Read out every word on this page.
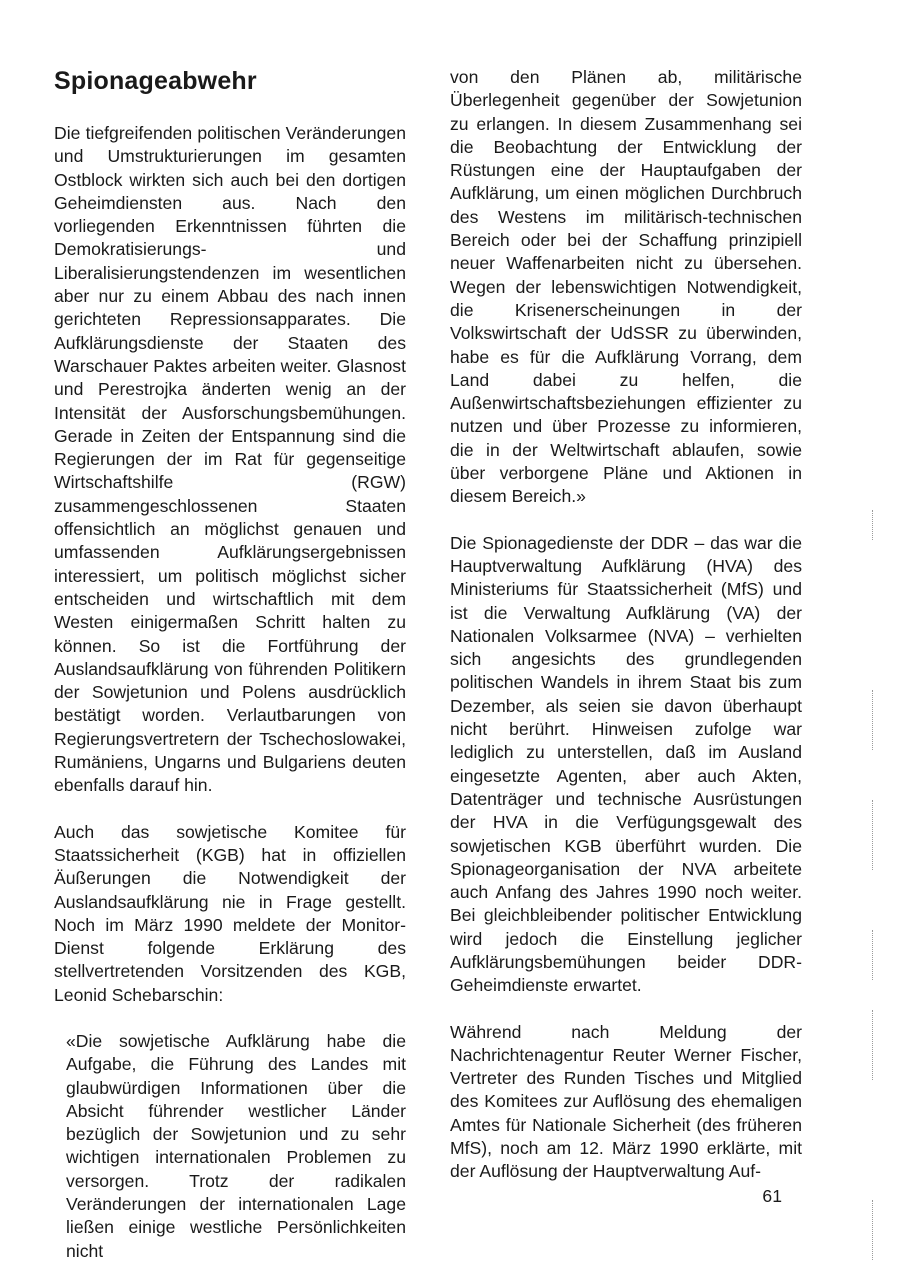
Spionageabwehr

Die tiefgreifenden politischen Veränderungen und Umstrukturierungen im gesamten Ostblock wirkten sich auch bei den dortigen Geheimdiensten aus. Nach den vorliegenden Erkenntnissen führten die Demokratisierungs- und Liberalisierungstendenzen im wesentlichen aber nur zu einem Abbau des nach innen gerichteten Repressionsapparates. Die Aufklärungsdienste der Staaten des Warschauer Paktes arbeiten weiter. Glasnost und Perestrojka änderten wenig an der Intensität der Ausforschungsbemühungen. Gerade in Zeiten der Entspannung sind die Regierungen der im Rat für gegenseitige Wirtschaftshilfe (RGW) zusammengeschlossenen Staaten offensichtlich an möglichst genauen und umfassenden Aufklärungsergebnissen interessiert, um politisch möglichst sicher entscheiden und wirtschaftlich mit dem Westen einigermaßen Schritt halten zu können. So ist die Fortführung der Auslandsaufklärung von führenden Politikern der Sowjetunion und Polens ausdrücklich bestätigt worden. Verlautbarungen von Regierungsvertretern der Tschechoslowakei, Rumäniens, Ungarns und Bulgariens deuten ebenfalls darauf hin.

Auch das sowjetische Komitee für Staatssicherheit (KGB) hat in offiziellen Äußerungen die Notwendigkeit der Auslandsaufklärung nie in Frage gestellt. Noch im März 1990 meldete der Monitor-Dienst folgende Erklärung des stellvertretenden Vorsitzenden des KGB, Leonid Schebarschin:

«Die sowjetische Aufklärung habe die Aufgabe, die Führung des Landes mit glaubwürdigen Informationen über die Absicht führender westlicher Länder bezüglich der Sowjetunion und zu sehr wichtigen internationalen Problemen zu versorgen. Trotz der radikalen Veränderungen der internationalen Lage ließen einige westliche Persönlichkeiten nicht

von den Plänen ab, militärische Überlegenheit gegenüber der Sowjetunion zu erlangen. In diesem Zusammenhang sei die Beobachtung der Entwicklung der Rüstungen eine der Hauptaufgaben der Aufklärung, um einen möglichen Durchbruch des Westens im militärisch-technischen Bereich oder bei der Schaffung prinzipiell neuer Waffenarbeiten nicht zu übersehen. Wegen der lebenswichtigen Notwendigkeit, die Krisenerscheinungen in der Volkswirtschaft der UdSSR zu überwinden, habe es für die Aufklärung Vorrang, dem Land dabei zu helfen, die Außenwirtschaftsbeziehungen effizienter zu nutzen und über Prozesse zu informieren, die in der Weltwirtschaft ablaufen, sowie über verborgene Pläne und Aktionen in diesem Bereich.»

Die Spionagedienste der DDR – das war die Hauptverwaltung Aufklärung (HVA) des Ministeriums für Staatssicherheit (MfS) und ist die Verwaltung Aufklärung (VA) der Nationalen Volksarmee (NVA) – verhielten sich angesichts des grundlegenden politischen Wandels in ihrem Staat bis zum Dezember, als seien sie davon überhaupt nicht berührt. Hinweisen zufolge war lediglich zu unterstellen, daß im Ausland eingesetzte Agenten, aber auch Akten, Datenträger und technische Ausrüstungen der HVA in die Verfügungsgewalt des sowjetischen KGB überführt wurden. Die Spionageorganisation der NVA arbeitete auch Anfang des Jahres 1990 noch weiter. Bei gleichbleibender politischer Entwicklung wird jedoch die Einstellung jeglicher Aufklärungsbemühungen beider DDR-Geheimdienste erwartet.

Während nach Meldung der Nachrichtenagentur Reuter Werner Fischer, Vertreter des Runden Tisches und Mitglied des Komitees zur Auflösung des ehemaligen Amtes für Nationale Sicherheit (des früheren MfS), noch am 12. März 1990 erklärte, mit der Auflösung der Hauptverwaltung Auf-

61
